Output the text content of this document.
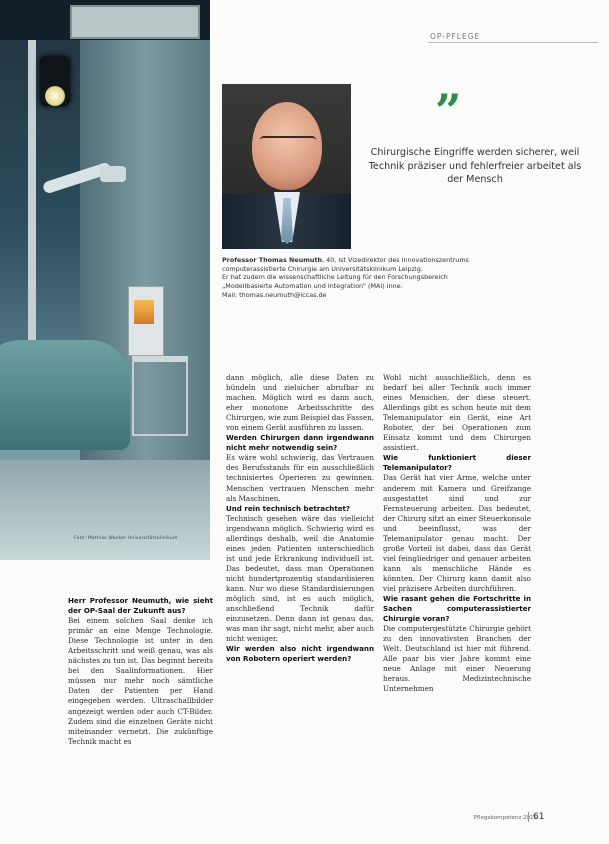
OP-PFLEGE
Foto: Mathias Wacker Universitätsklinikum
”
Chirurgische Eingriffe werden sicherer, weil Technik präziser und fehlerfreier arbeitet als der Mensch
Professor Thomas Neumuth, 40, ist Vizedirektor des Innovationszentrums
computerassistierte Chirurgie am Universitätsklinikum Leipzig.
Er hat zudem die wissenschaftliche Leitung für den Forschungsbereich
„Modellbasierte Automation und Integration" (MAI) inne.
Mail: thomas.neumuth@iccas.de

Herr Professor Neumuth, wie sieht der OP-Saal der Zukunft aus?

Bei einem solchen Saal denke ich primär an eine Menge Technologie. Diese Technologie ist unter in den Arbeitsschritt und weiß genau, was als nächstes zu tun ist. Das beginnt bereits bei den Saalinformationen. Hier müssen nur mehr noch sämtliche Daten der Patienten per Hand eingegeben werden. Ultraschallbilder angezeigt werden oder auch CT-Bilder. Zudem sind die einzelnen Geräte nicht miteinander vernetzt. Die zukünftige Technik macht es

dann möglich, alle diese Daten zu bündeln und zielsicher abrufbar zu machen. Möglich wird es dann auch, eher monotone Arbeitsschritte des Chirurgen, wie zum Beispiel das Fassen, von einem Gerät ausführen zu lassen.

Werden Chirurgen dann irgendwann nicht mehr notwendig sein?

Es wäre wohl schwierig, das Vertrauen des Berufsstands für ein ausschließlich technisiertes Operieren zu gewinnen. Menschen vertrauen Menschen mehr als Maschinen.

Und rein technisch betrachtet?

Technisch gesehen wäre das vielleicht irgendwann möglich. Schwierig wird es allerdings deshalb, weil die Anatomie eines jeden Patienten unterschiedlich ist und jede Erkrankung individuell ist. Das bedeutet, dass man Operationen nicht hundertprozentig standardisieren kann. Nur wo diese Standardisierungen möglich sind, ist es auch möglich, anschließend Technik dafür einzusetzen. Denn dann ist genau das, was man ihr sagt, nicht mehr, aber auch nicht weniger.

Wir werden also nicht irgendwann von Robotern operiert werden?

Wohl nicht ausschließlich, denn es bedarf bei aller Technik auch immer eines Menschen, der diese steuert. Allerdings gibt es schon heute mit dem Telemanipulator ein Gerät, eine Art Roboter, der bei Operationen zum Einsatz kommt und dem Chirurgen assistiert.

Wie funktioniert dieser Telemanipulator?

Das Gerät hat vier Arme, welche unter anderem mit Kamera und Greifzange ausgestattet sind und zur Fernsteuerung arbeiten. Das bedeutet, der Chirurg sitzt an einer Steuerkonsole und beeinflusst, was der Telemanipulator genau macht. Der große Vorteil ist dabei, dass das Gerät viel feingliedriger und genauer arbeiten kann als menschliche Hände es könnten. Der Chirurg kann damit also viel präzisere Arbeiten durchführen.

Wie rasant gehen die Fortschritte in Sachen computerassistierter Chirurgie voran?

Die computergestützte Chirurgie gehört zu den innovativsten Branchen der Welt. Deutschland ist hier mit führend. Alle paar bis vier Jahre kommt eine neue Anlage mit einer Neuerung heraus. Medizintechnische Unternehmen

Pflegekompetenz 2015
61
